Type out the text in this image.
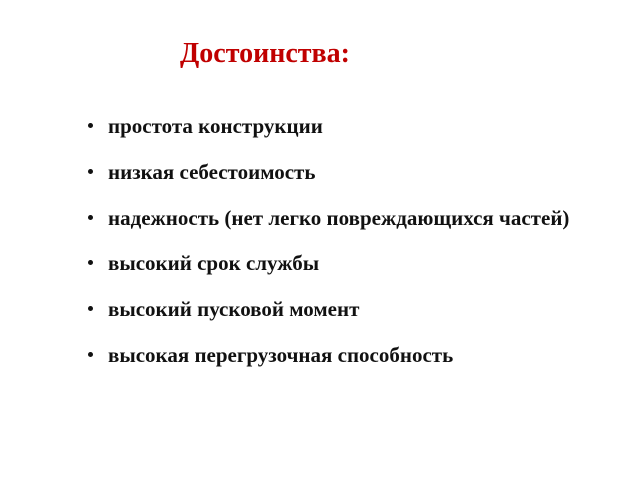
Достоинства:
простота конструкции
низкая себестоимость
надежность (нет легко повреждающихся частей)
высокий срок службы
высокий пусковой момент
высокая перегрузочная способность
